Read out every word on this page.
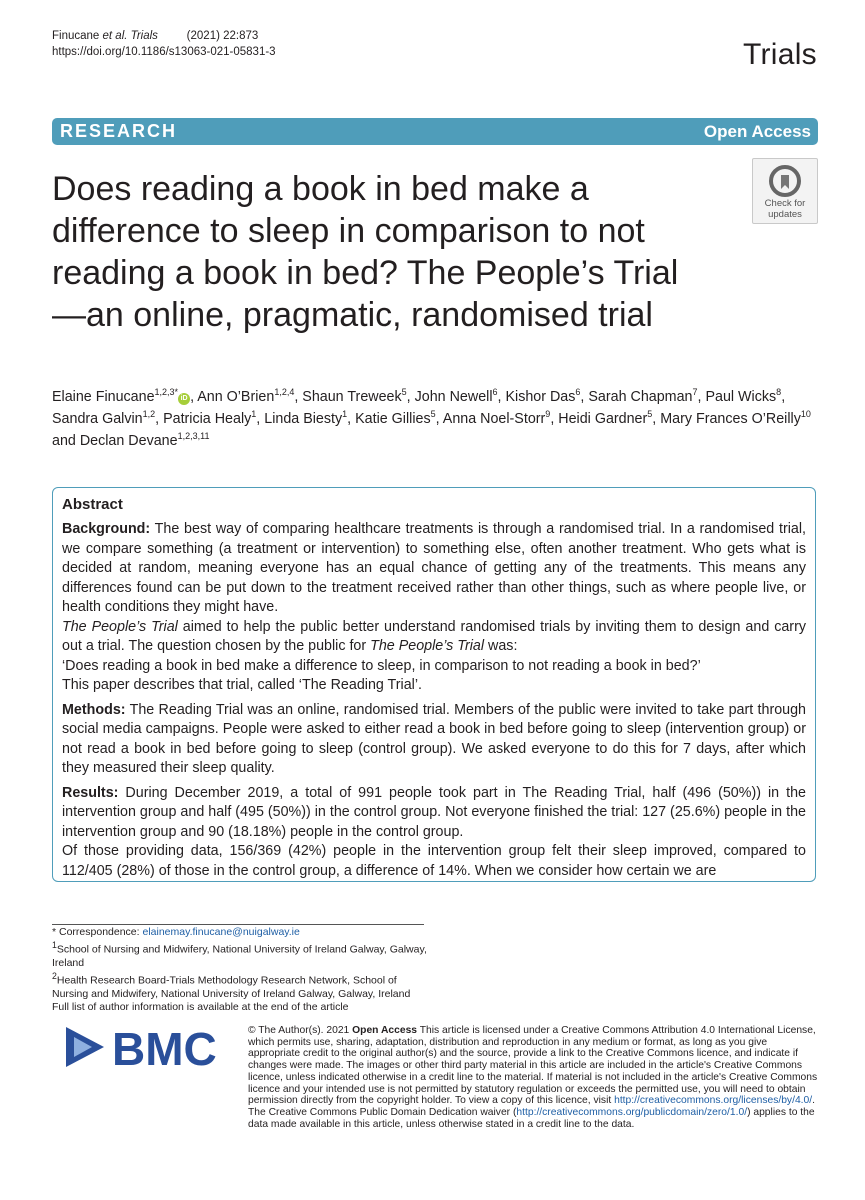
Finucane et al. Trials	(2021) 22:873
https://doi.org/10.1186/s13063-021-05831-3	Trials
RESEARCH	Open Access
Does reading a book in bed make a difference to sleep in comparison to not reading a book in bed? The People’s Trial—an online, pragmatic, randomised trial
Check for
updates
Elaine Finucane$^{1,2,3*}$iD , Ann O’Brien$^{1,2,4}$, Shaun Treweek$^5$, John Newell$^6$, Kishor Das$^6$, Sarah Chapman$^7$, Paul Wicks$^8$, Sandra Galvin$^{1,2}$, Patricia Healy$^1$, Linda Biesty$^1$, Katie Gillies$^5$, Anna Noel-Storr$^9$, Heidi Gardner$^5$, Mary Frances O’Reilly$^{10}$ and Declan Devane$^{1,2,3,11}$
Abstract
Background: The best way of comparing healthcare treatments is through a randomised trial. In a randomised trial, we compare something (a treatment or intervention) to something else, often another treatment. Who gets what is decided at random, meaning everyone has an equal chance of getting any of the treatments. This means any differences found can be put down to the treatment received rather than other things, such as where people live, or health conditions they might have.
The People’s Trial aimed to help the public better understand randomised trials by inviting them to design and carry out a trial. The question chosen by the public for The People’s Trial was:
‘Does reading a book in bed make a difference to sleep, in comparison to not reading a book in bed?’
This paper describes that trial, called ‘The Reading Trial’.
Methods: The Reading Trial was an online, randomised trial. Members of the public were invited to take part through social media campaigns. People were asked to either read a book in bed before going to sleep (intervention group) or not read a book in bed before going to sleep (control group). We asked everyone to do this for 7 days, after which they measured their sleep quality.
Results: During December 2019, a total of 991 people took part in The Reading Trial, half (496 (50%)) in the intervention group and half (495 (50%)) in the control group. Not everyone finished the trial: 127 (25.6%) people in the intervention group and 90 (18.18%) people in the control group.
Of those providing data, 156/369 (42%) people in the intervention group felt their sleep improved, compared to 112/405 (28%) of those in the control group, a difference of 14%. When we consider how certain we are
* Correspondence: elainemay.finucane@nuigalway.ie
$^1$School of Nursing and Midwifery, National University of Ireland Galway, Galway, Ireland
$^2$Health Research Board-Trials Methodology Research Network, School of Nursing and Midwifery, National University of Ireland Galway, Galway, Ireland
Full list of author information is available at the end of the article
BMC	© The Author(s). 2021 Open Access This article is licensed under a Creative Commons Attribution 4.0 International License, which permits use, sharing, adaptation, distribution and reproduction in any medium or format, as long as you give appropriate credit to the original author(s) and the source, provide a link to the Creative Commons licence, and indicate if changes were made. The images or other third party material in this article are included in the article's Creative Commons licence, unless indicated otherwise in a credit line to the material. If material is not included in the article's Creative Commons licence and your intended use is not permitted by statutory regulation or exceeds the permitted use, you will need to obtain permission directly from the copyright holder. To view a copy of this licence, visit http://creativecommons.org/licenses/by/4.0/. The Creative Commons Public Domain Dedication waiver (http://creativecommons.org/publicdomain/zero/1.0/) applies to the data made available in this article, unless otherwise stated in a credit line to the data.
